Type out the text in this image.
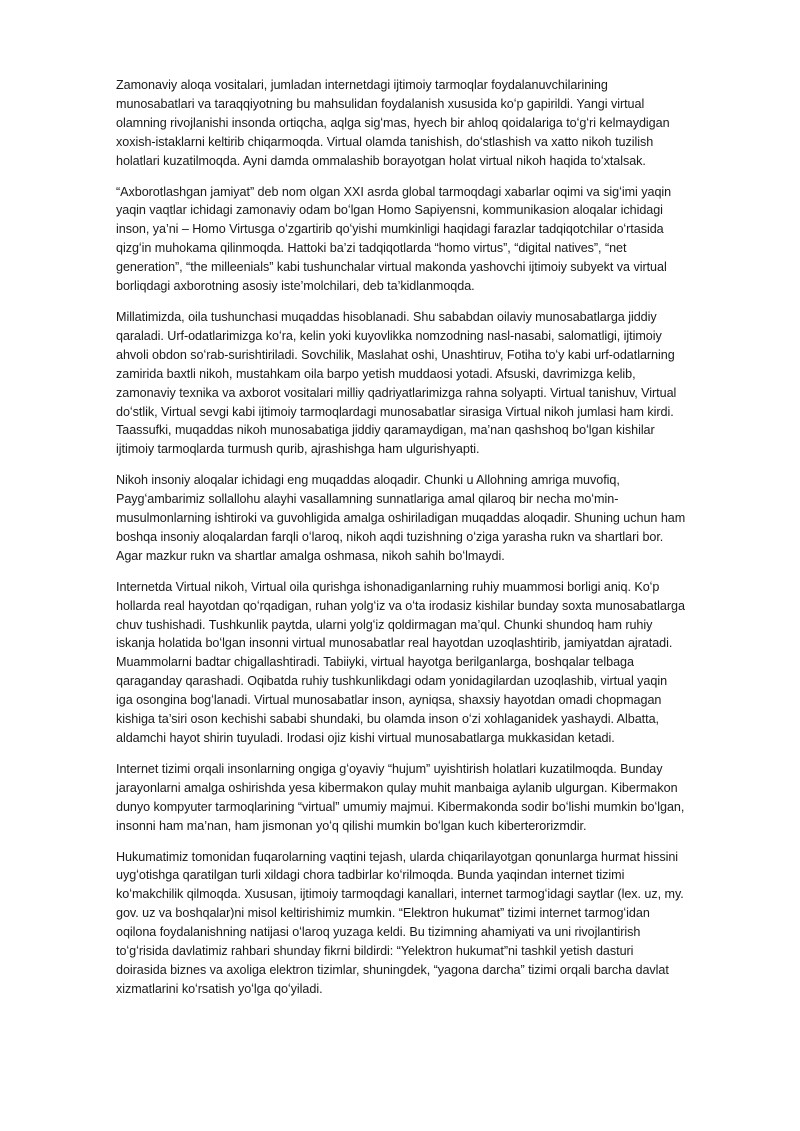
Zamonaviy aloqa vositalari, jumladan internetdagi ijtimoiy tarmoqlar foydalanuvchilarining munosabatlari va taraqqiyotning bu mahsulidan foydalanish xususida koʻp gapirildi. Yangi virtual olamning rivojlanishi insonda ortiqcha, aqlga sigʻmas, hyech bir ahloq qoidalariga toʻgʻri kelmaydigan xoxish-istaklarni keltirib chiqarmoqda. Virtual olamda tanishish, doʻstlashish va xatto nikoh tuzilish holatlari kuzatilmoqda. Ayni damda ommalashib borayotgan holat virtual nikoh haqida toʻxtalsak.

“Axborotlashgan jamiyat” deb nom olgan XXI asrda global tarmoqdagi xabarlar oqimi va sigʻimi yaqin yaqin vaqtlar ichidagi zamonaviy odam boʻlgan Homo Sapiyensni, kommunikasion aloqalar ichidagi inson, ya’ni – Homo Virtusga oʻzgartirib qoʻyishi mumkinligi haqidagi farazlar tadqiqotchilar oʻrtasida qizgʻin muhokama qilinmoqda. Hattoki ba’zi tadqiqotlarda “homo virtus”, “digital natives”, “net generation”, “the milleenials” kabi tushunchalar virtual makonda yashovchi ijtimoiy subyekt va virtual borliqdagi axborotning asosiy iste’molchilari, deb ta’kidlanmoqda.

Millatimizda, oila tushunchasi muqaddas hisoblanadi. Shu sababdan oilaviy munosabatlarga jiddiy qaraladi. Urf-odatlarimizga koʻra, kelin yoki kuyovlikka nomzodning nasl-nasabi, salomatligi, ijtimoiy ahvoli obdon soʻrab-surishtiriladi. Sovchilik, Maslahat oshi, Unashtiruv, Fotiha toʻy kabi urf-odatlarning zamirida baxtli nikoh, mustahkam oila barpo yetish muddaosi yotadi. Afsuski, davrimizga kelib, zamonaviy texnika va axborot vositalari milliy qadriyatlarimizga rahna solyapti. Virtual tanishuv, Virtual doʻstlik, Virtual sevgi kabi ijtimoiy tarmoqlardagi munosabatlar sirasiga Virtual nikoh jumlasi ham kirdi. Taassufki, muqaddas nikoh munosabatiga jiddiy qaramaydigan, ma’nan qashshoq boʻlgan kishilar ijtimoiy tarmoqlarda turmush qurib, ajrashishga ham ulgurishyapti.

Nikoh insoniy aloqalar ichidagi eng muqaddas aloqadir. Chunki u Allohning amriga muvofiq, Paygʻambarimiz sollallohu alayhi vasallamning sunnatlariga amal qilaroq bir necha moʻmin-musulmonlarning ishtiroki va guvohligida amalga oshiriladigan muqaddas aloqadir. Shuning uchun ham boshqa insoniy aloqalardan farqli oʻlaroq, nikoh aqdi tuzishning oʻziga yarasha rukn va shartlari bor. Agar mazkur rukn va shartlar amalga oshmasa, nikoh sahih boʻlmaydi.

Internetda Virtual nikoh, Virtual oila qurishga ishonadiganlarning ruhiy muammosi borligi aniq. Koʻp hollarda real hayotdan qoʻrqadigan, ruhan yolgʻiz va oʻta irodasiz kishilar bunday soxta munosabatlarga chuv tushishadi. Tushkunlik paytda, ularni yolgʻiz qoldirmagan ma’qul. Chunki shundoq ham ruhiy iskanja holatida boʻlgan insonni virtual munosabatlar real hayotdan uzoqlashtirib, jamiyatdan ajratadi. Muammolarni badtar chigallashtiradi. Tabiiyki, virtual hayotga berilganlarga, boshqalar telbaga qaraganday qarashadi. Oqibatda ruhiy tushkunlikdagi odam yonidagilardan uzoqlashib, virtual yaqin iga osongina bogʻlanadi. Virtual munosabatlar inson, ayniqsa, shaxsiy hayotdan omadi chopmagan kishiga ta’siri oson kechishi sababi shundaki, bu olamda inson oʻzi xohlaganidek yashaydi. Albatta, aldamchi hayot shirin tuyuladi. Irodasi ojiz kishi virtual munosabatlarga mukkasidan ketadi.

Internet tizimi orqali insonlarning ongiga gʻoyaviy “hujum” uyishtirish holatlari kuzatilmoqda. Bunday jarayonlarni amalga oshirishda yesa kibermakon qulay muhit manbaiga aylanib ulgurgan. Kibermakon dunyo kompyuter tarmoqlarining “virtual” umumiy majmui. Kibermakonda sodir boʻlishi mumkin boʻlgan, insonni ham ma’nan, ham jismonan yoʻq qilishi mumkin boʻlgan kuch kiberterorizmdir.

Hukumatimiz tomonidan fuqarolarning vaqtini tejash, ularda chiqarilayotgan qonunlarga hurmat hissini uygʻotishga qaratilgan turli xildagi chora tadbirlar koʻrilmoqda. Bunda yaqindan internet tizimi koʻmakchilik qilmoqda. Xususan, ijtimoiy tarmoqdagi kanallari, internet tarmogʻidagi saytlar (lex. uz, my. gov. uz va boshqalar)ni misol keltirishimiz mumkin. “Elektron hukumat” tizimi internet tarmogʻidan oqilona foydalanishning natijasi oʻlaroq yuzaga keldi. Bu tizimning ahamiyati va uni rivojlantirish toʻgʻrisida davlatimiz rahbari shunday fikrni bildirdi: “Yelektron hukumat”ni tashkil yetish dasturi doirasida biznes va axoliga elektron tizimlar, shuningdek, “yagona darcha” tizimi orqali barcha davlat xizmatlarini koʻrsatish yoʻlga qoʻyiladi.
